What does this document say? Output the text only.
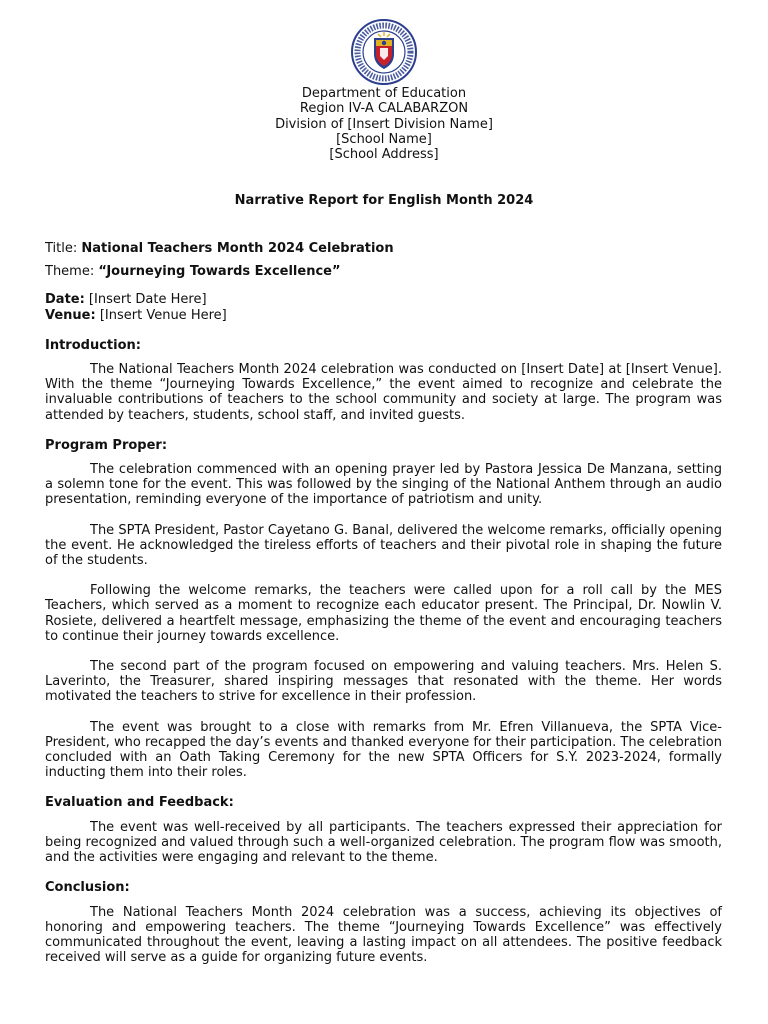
Department of Education
Region IV-A CALABARZON
Division of [Insert Division Name]
[School Name]
[School Address]
Narrative Report for English Month 2024
Title: National Teachers Month 2024 Celebration
Theme: “Journeying Towards Excellence”
Date: [Insert Date Here]
Venue: [Insert Venue Here]
Introduction:

The National Teachers Month 2024 celebration was conducted on [Insert Date] at [Insert Venue]. With the theme “Journeying Towards Excellence,” the event aimed to recognize and celebrate the invaluable contributions of teachers to the school community and society at large. The program was attended by teachers, students, school staff, and invited guests.

Program Proper:

The celebration commenced with an opening prayer led by Pastora Jessica De Manzana, setting a solemn tone for the event. This was followed by the singing of the National Anthem through an audio presentation, reminding everyone of the importance of patriotism and unity.

The SPTA President, Pastor Cayetano G. Banal, delivered the welcome remarks, officially opening the event. He acknowledged the tireless efforts of teachers and their pivotal role in shaping the future of the students.

Following the welcome remarks, the teachers were called upon for a roll call by the MES Teachers, which served as a moment to recognize each educator present. The Principal, Dr. Nowlin V. Rosiete, delivered a heartfelt message, emphasizing the theme of the event and encouraging teachers to continue their journey towards excellence.

The second part of the program focused on empowering and valuing teachers. Mrs. Helen S. Laverinto, the Treasurer, shared inspiring messages that resonated with the theme. Her words motivated the teachers to strive for excellence in their profession.

The event was brought to a close with remarks from Mr. Efren Villanueva, the SPTA Vice-President, who recapped the day’s events and thanked everyone for their participation. The celebration concluded with an Oath Taking Ceremony for the new SPTA Officers for S.Y. 2023-2024, formally inducting them into their roles.

Evaluation and Feedback:

The event was well-received by all participants. The teachers expressed their appreciation for being recognized and valued through such a well-organized celebration. The program flow was smooth, and the activities were engaging and relevant to the theme.

Conclusion:

The National Teachers Month 2024 celebration was a success, achieving its objectives of honoring and empowering teachers. The theme “Journeying Towards Excellence” was effectively communicated throughout the event, leaving a lasting impact on all attendees. The positive feedback received will serve as a guide for organizing future events.
